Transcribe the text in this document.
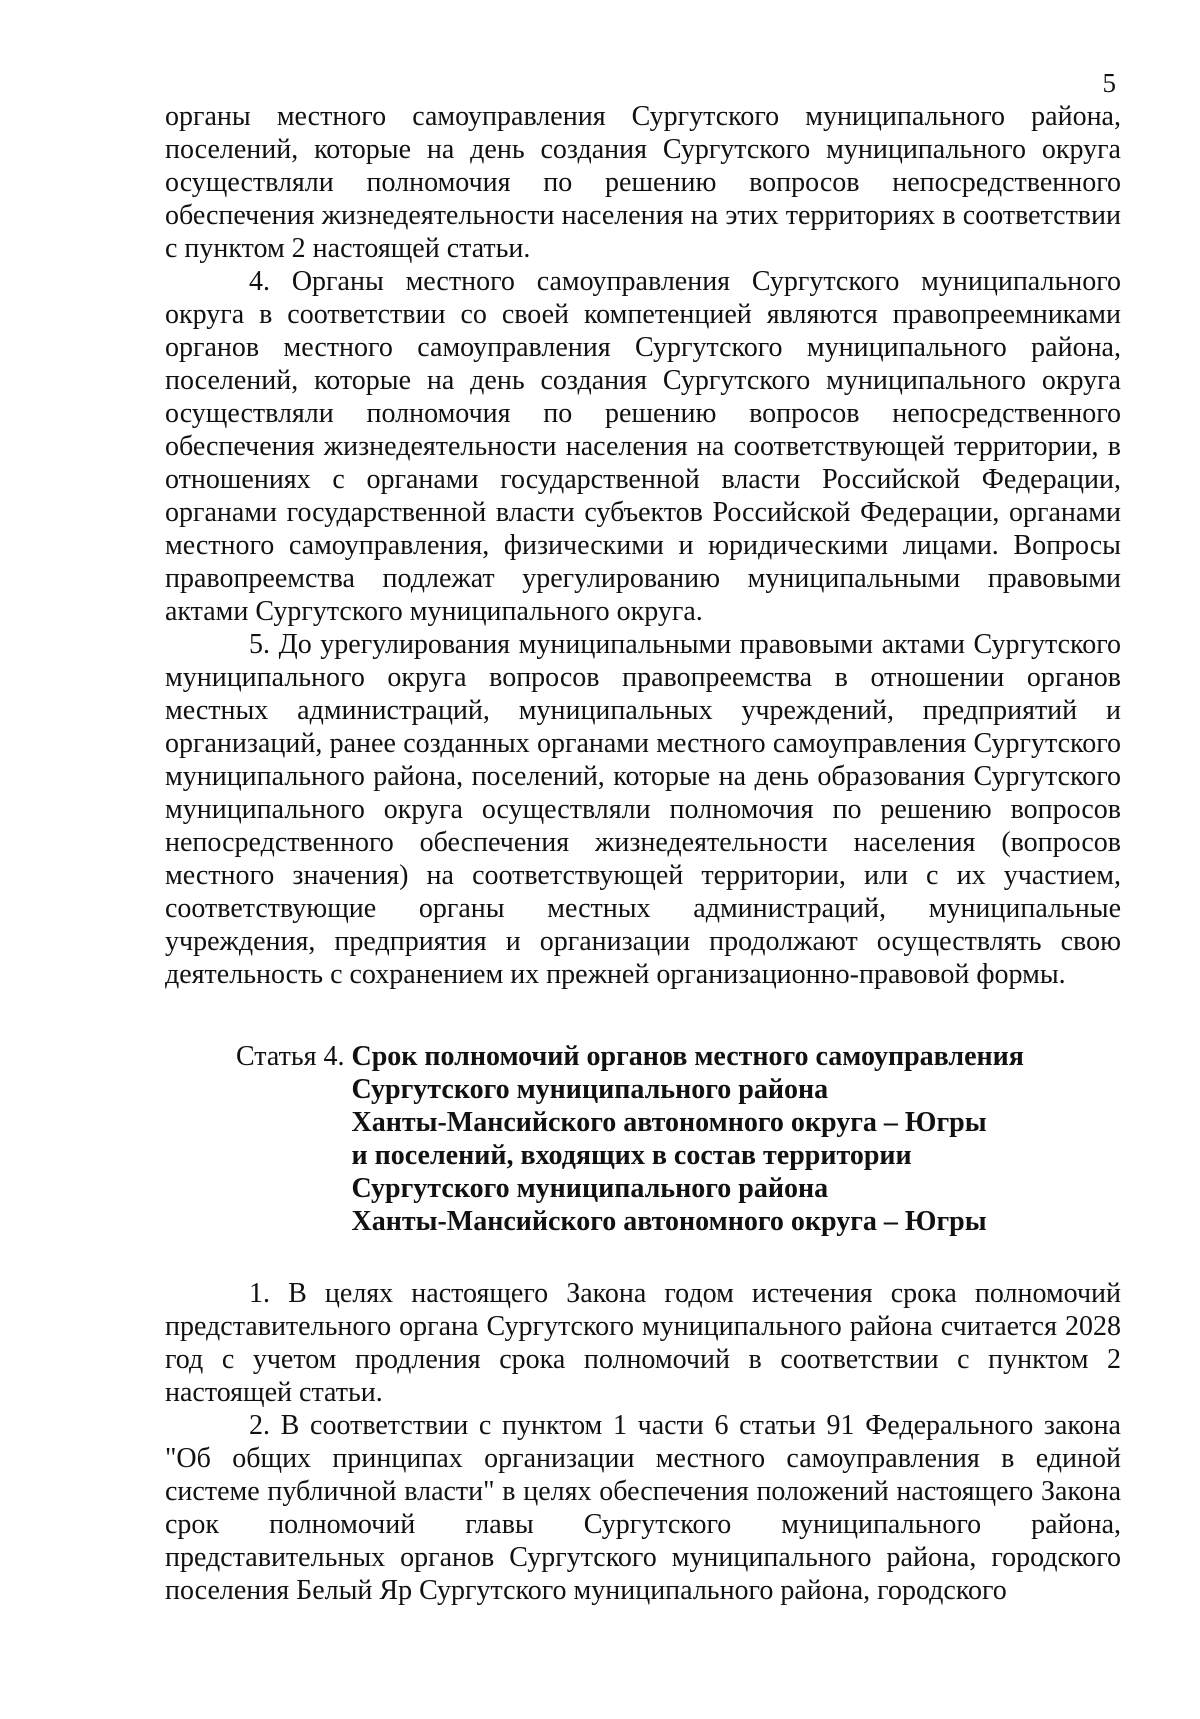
5

органы местного самоуправления Сургутского муниципального района, поселений, которые на день создания Сургутского муниципального округа осуществляли полномочия по решению вопросов непосредственного обеспечения жизнедеятельности населения на этих территориях в соответствии с пунктом 2 настоящей статьи.

4. Органы местного самоуправления Сургутского муниципального округа в соответствии со своей компетенцией являются правопреемниками органов местного самоуправления Сургутского муниципального района, поселений, которые на день создания Сургутского муниципального округа осуществляли полномочия по решению вопросов непосредственного обеспечения жизнедеятельности населения на соответствующей территории, в отношениях с органами государственной власти Российской Федерации, органами государственной власти субъектов Российской Федерации, органами местного самоуправления, физическими и юридическими лицами. Вопросы правопреемства подлежат урегулированию муниципальными правовыми актами Сургутского муниципального округа.

5. До урегулирования муниципальными правовыми актами Сургутского муниципального округа вопросов правопреемства в отношении органов местных администраций, муниципальных учреждений, предприятий и организаций, ранее созданных органами местного самоуправления Сургутского муниципального района, поселений, которые на день образования Сургутского муниципального округа осуществляли полномочия по решению вопросов непосредственного обеспечения жизнедеятельности населения (вопросов местного значения) на соответствующей территории, или с их участием, соответствующие органы местных администраций, муниципальные учреждения, предприятия и организации продолжают осуществлять свою деятельность с сохранением их прежней организационно-правовой формы.

Статья 4. Срок полномочий органов местного самоуправления
Сургутского муниципального района
Ханты-Мансийского автономного округа – Югры
и поселений, входящих в состав территории
Сургутского муниципального района
Ханты-Мансийского автономного округа – Югры

1. В целях настоящего Закона годом истечения срока полномочий представительного органа Сургутского муниципального района считается 2028 год с учетом продления срока полномочий в соответствии с пунктом 2 настоящей статьи.

2. В соответствии с пунктом 1 части 6 статьи 91 Федерального закона "Об общих принципах организации местного самоуправления в единой системе публичной власти" в целях обеспечения положений настоящего Закона срок полномочий главы Сургутского муниципального района, представительных органов Сургутского муниципального района, городского поселения Белый Яр Сургутского муниципального района, городского
